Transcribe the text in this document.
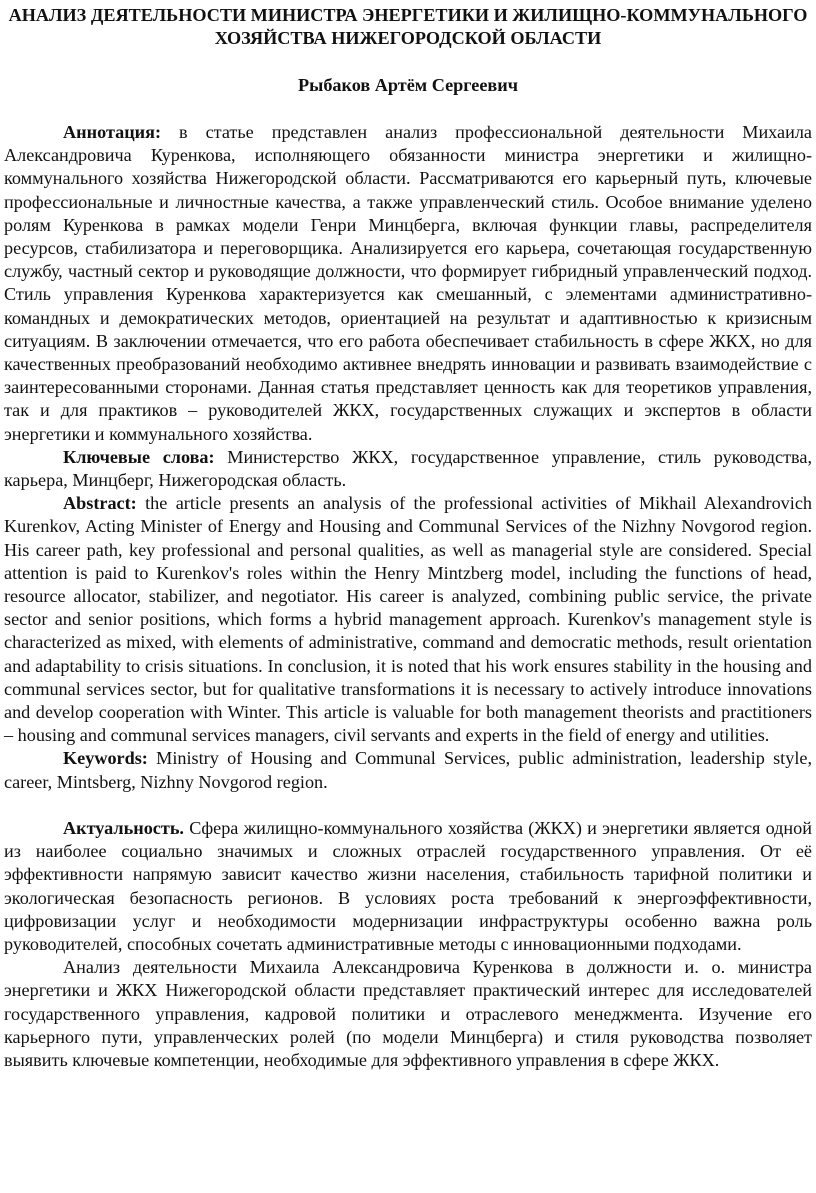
АНАЛИЗ ДЕЯТЕЛЬНОСТИ МИНИСТРА ЭНЕРГЕТИКИ И ЖИЛИЩНО-КОММУНАЛЬНОГО ХОЗЯЙСТВА НИЖЕГОРОДСКОЙ ОБЛАСТИ
Рыбаков Артём Сергеевич

Аннотация: в статье представлен анализ профессиональной деятельности Михаила Александровича Куренкова, исполняющего обязанности министра энергетики и жилищно-коммунального хозяйства Нижегородской области. Рассматриваются его карьерный путь, ключевые профессиональные и личностные качества, а также управленческий стиль. Особое внимание уделено ролям Куренкова в рамках модели Генри Минцберга, включая функции главы, распределителя ресурсов, стабилизатора и переговорщика. Анализируется его карьера, сочетающая государственную службу, частный сектор и руководящие должности, что формирует гибридный управленческий подход. Стиль управления Куренкова характеризуется как смешанный, с элементами административно-командных и демократических методов, ориентацией на результат и адаптивностью к кризисным ситуациям. В заключении отмечается, что его работа обеспечивает стабильность в сфере ЖКХ, но для качественных преобразований необходимо активнее внедрять инновации и развивать взаимодействие с заинтересованными сторонами. Данная статья представляет ценность как для теоретиков управления, так и для практиков – руководителей ЖКХ, государственных служащих и экспертов в области энергетики и коммунального хозяйства.

Ключевые слова: Министерство ЖКХ, государственное управление, стиль руководства, карьера, Минцберг, Нижегородская область.

Abstract: the article presents an analysis of the professional activities of Mikhail Alexandrovich Kurenkov, Acting Minister of Energy and Housing and Communal Services of the Nizhny Novgorod region. His career path, key professional and personal qualities, as well as managerial style are considered. Special attention is paid to Kurenkov's roles within the Henry Mintzberg model, including the functions of head, resource allocator, stabilizer, and negotiator. His career is analyzed, combining public service, the private sector and senior positions, which forms a hybrid management approach. Kurenkov's management style is characterized as mixed, with elements of administrative, command and democratic methods, result orientation and adaptability to crisis situations. In conclusion, it is noted that his work ensures stability in the housing and communal services sector, but for qualitative transformations it is necessary to actively introduce innovations and develop cooperation with Winter. This article is valuable for both management theorists and practitioners – housing and communal services managers, civil servants and experts in the field of energy and utilities.

Keywords: Ministry of Housing and Communal Services, public administration, leadership style, career, Mintsberg, Nizhny Novgorod region.

Актуальность. Сфера жилищно-коммунального хозяйства (ЖКХ) и энергетики является одной из наиболее социально значимых и сложных отраслей государственного управления. От её эффективности напрямую зависит качество жизни населения, стабильность тарифной политики и экологическая безопасность регионов. В условиях роста требований к энергоэффективности, цифровизации услуг и необходимости модернизации инфраструктуры особенно важна роль руководителей, способных сочетать административные методы с инновационными подходами.

Анализ деятельности Михаила Александровича Куренкова в должности и. о. министра энергетики и ЖКХ Нижегородской области представляет практический интерес для исследователей государственного управления, кадровой политики и отраслевого менеджмента. Изучение его карьерного пути, управленческих ролей (по модели Минцберга) и стиля руководства позволяет выявить ключевые компетенции, необходимые для эффективного управления в сфере ЖКХ.
